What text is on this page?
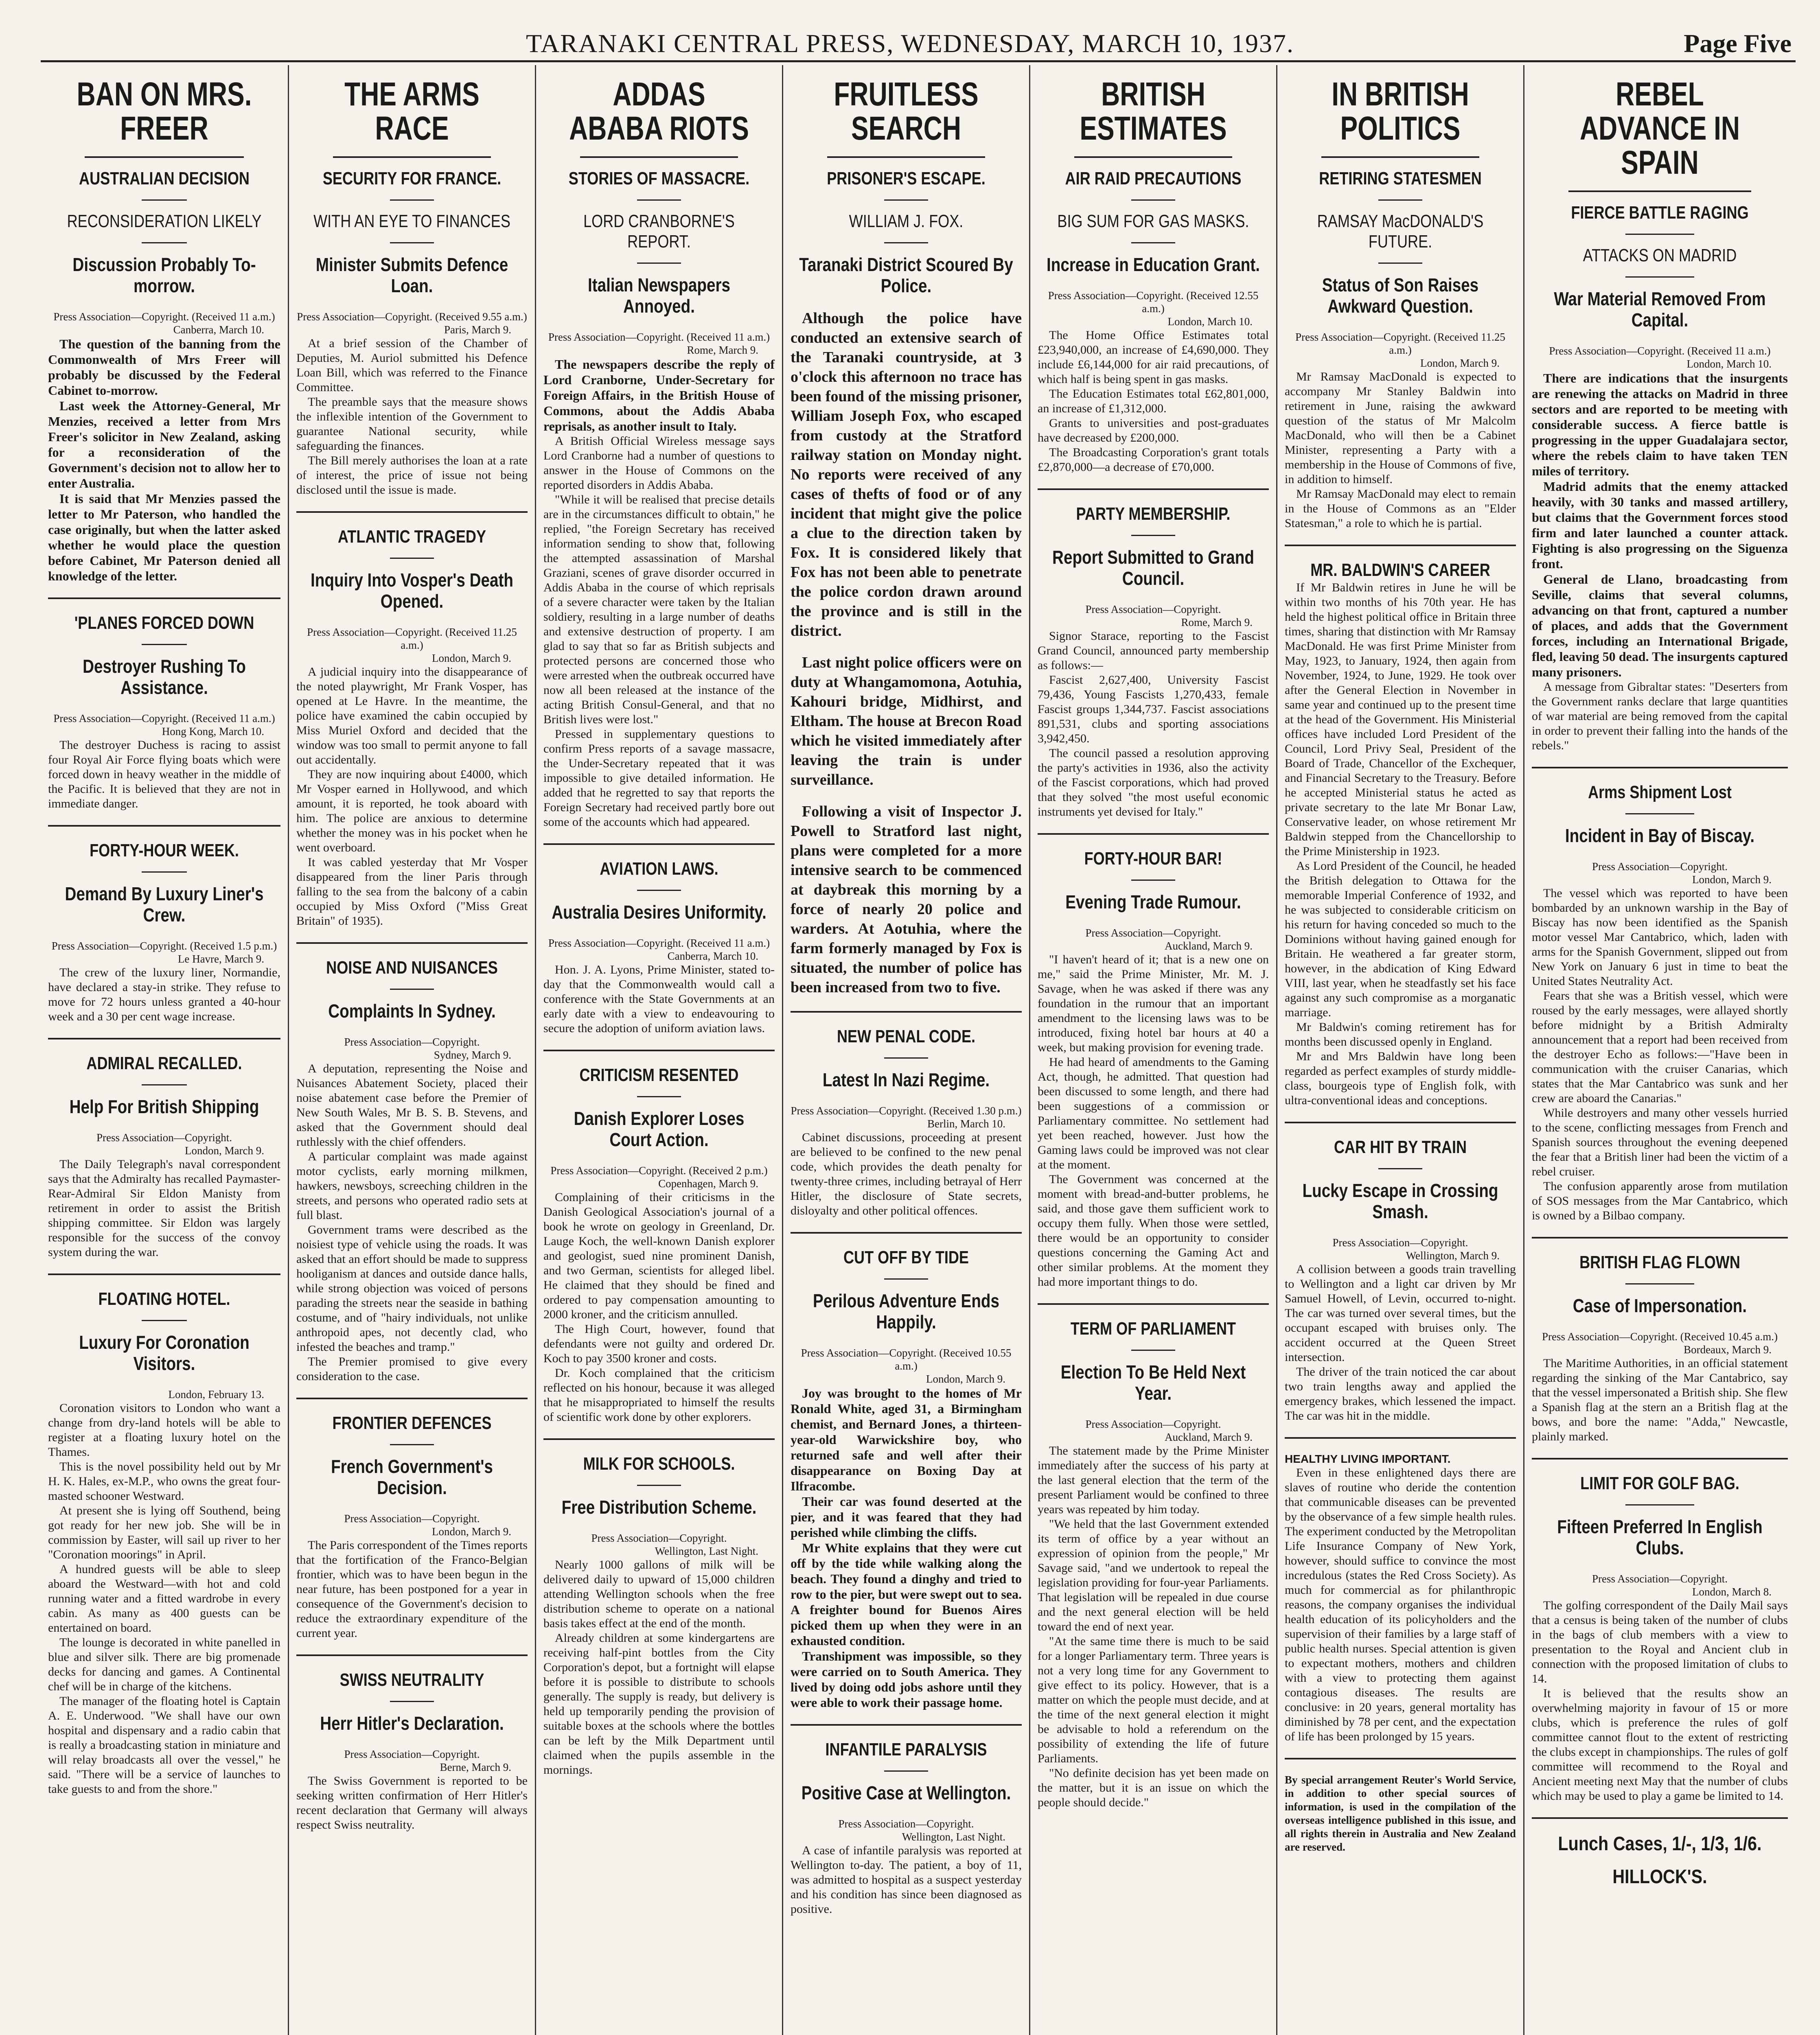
TARANAKI CENTRAL PRESS, WEDNESDAY, MARCH 10, 1937.	Page Five
BAN ON MRS. FREER
AUSTRALIAN DECISION
RECONSIDERATION LIKELY
Discussion Probably To-morrow.
Press Association—Copyright. (Received 11 a.m.)
Canberra, March 10.

The question of the banning from the Commonwealth of Mrs Freer will probably be discussed by the Federal Cabinet to-morrow.

Last week the Attorney-General, Mr Menzies, received a letter from Mrs Freer's solicitor in New Zealand, asking for a reconsideration of the Government's decision not to allow her to enter Australia.

It is said that Mr Menzies passed the letter to Mr Paterson, who handled the case originally, but when the latter asked whether he would place the question before Cabinet, Mr Paterson denied all knowledge of the letter.

'PLANES FORCED DOWN
Destroyer Rushing To Assistance.
Press Association—Copyright. (Received 11 a.m.)
Hong Kong, March 10.

The destroyer Duchess is racing to assist four Royal Air Force flying boats which were forced down in heavy weather in the middle of the Pacific. It is believed that they are not in immediate danger.

FORTY-HOUR WEEK.
Demand By Luxury Liner's Crew.
Press Association—Copyright. (Received 1.5 p.m.)
Le Havre, March 9.

The crew of the luxury liner, Normandie, have declared a stay-in strike. They refuse to move for 72 hours unless granted a 40-hour week and a 30 per cent wage increase.

ADMIRAL RECALLED.
Help For British Shipping
Press Association—Copyright.
London, March 9.

The Daily Telegraph's naval correspondent says that the Admiralty has recalled Paymaster-Rear-Admiral Sir Eldon Manisty from retirement in order to assist the British shipping committee. Sir Eldon was largely responsible for the success of the convoy system during the war.

FLOATING HOTEL.
Luxury For Coronation Visitors.
London, February 13.

Coronation visitors to London who want a change from dry-land hotels will be able to register at a floating luxury hotel on the Thames.

This is the novel possibility held out by Mr H. K. Hales, ex-M.P., who owns the great four-masted schooner Westward.

At present she is lying off Southend, being got ready for her new job. She will be in commission by Easter, will sail up river to her "Coronation moorings" in April.

A hundred guests will be able to sleep aboard the Westward—with hot and cold running water and a fitted wardrobe in every cabin. As many as 400 guests can be entertained on board.

The lounge is decorated in white panelled in blue and silver silk. There are big promenade decks for dancing and games. A Continental chef will be in charge of the kitchens.

The manager of the floating hotel is Captain A. E. Underwood. "We shall have our own hospital and dispensary and a radio cabin that is really a broadcasting station in miniature and will relay broadcasts all over the vessel," he said. "There will be a service of launches to take guests to and from the shore."

THE ARMS RACE
SECURITY FOR FRANCE.
WITH AN EYE TO FINANCES
Minister Submits Defence Loan.
Press Association—Copyright. (Received 9.55 a.m.)
Paris, March 9.

At a brief session of the Chamber of Deputies, M. Auriol submitted his Defence Loan Bill, which was referred to the Finance Committee.

The preamble says that the measure shows the inflexible intention of the Government to guarantee National security, while safeguarding the finances.

The Bill merely authorises the loan at a rate of interest, the price of issue not being disclosed until the issue is made.

ATLANTIC TRAGEDY
Inquiry Into Vosper's Death Opened.
Press Association—Copyright. (Received 11.25 a.m.)
London, March 9.

A judicial inquiry into the disappearance of the noted playwright, Mr Frank Vosper, has opened at Le Havre. In the meantime, the police have examined the cabin occupied by Miss Muriel Oxford and decided that the window was too small to permit anyone to fall out accidentally.

They are now inquiring about £4000, which Mr Vosper earned in Hollywood, and which amount, it is reported, he took aboard with him. The police are anxious to determine whether the money was in his pocket when he went overboard.

It was cabled yesterday that Mr Vosper disappeared from the liner Paris through falling to the sea from the balcony of a cabin occupied by Miss Oxford ("Miss Great Britain" of 1935).

NOISE AND NUISANCES
Complaints In Sydney.
Press Association—Copyright.
Sydney, March 9.

A deputation, representing the Noise and Nuisances Abatement Society, placed their noise abatement case before the Premier of New South Wales, Mr B. S. B. Stevens, and asked that the Government should deal ruthlessly with the chief offenders.

A particular complaint was made against motor cyclists, early morning milkmen, hawkers, newsboys, screeching children in the streets, and persons who operated radio sets at full blast.

Government trams were described as the noisiest type of vehicle using the roads. It was asked that an effort should be made to suppress hooliganism at dances and outside dance halls, while strong objection was voiced of persons parading the streets near the seaside in bathing costume, and of "hairy individuals, not unlike anthropoid apes, not decently clad, who infested the beaches and tramp."

The Premier promised to give every consideration to the case.

FRONTIER DEFENCES
French Government's Decision.
Press Association—Copyright.
London, March 9.

The Paris correspondent of the Times reports that the fortification of the Franco-Belgian frontier, which was to have been begun in the near future, has been postponed for a year in consequence of the Government's decision to reduce the extraordinary expenditure of the current year.

SWISS NEUTRALITY
Herr Hitler's Declaration.
Press Association—Copyright.
Berne, March 9.

The Swiss Government is reported to be seeking written confirmation of Herr Hitler's recent declaration that Germany will always respect Swiss neutrality.

ADDAS ABABA RIOTS
STORIES OF MASSACRE.
LORD CRANBORNE'S REPORT.
Italian Newspapers Annoyed.
Press Association—Copyright. (Received 11 a.m.)
Rome, March 9.

The newspapers describe the reply of Lord Cranborne, Under-Secretary for Foreign Affairs, in the British House of Commons, about the Addis Ababa reprisals, as another insult to Italy.

A British Official Wireless message says Lord Cranborne had a number of questions to answer in the House of Commons on the reported disorders in Addis Ababa.

"While it will be realised that precise details are in the circumstances difficult to obtain," he replied, "the Foreign Secretary has received information sending to show that, following the attempted assassination of Marshal Graziani, scenes of grave disorder occurred in Addis Ababa in the course of which reprisals of a severe character were taken by the Italian soldiery, resulting in a large number of deaths and extensive destruction of property. I am glad to say that so far as British subjects and protected persons are concerned those who were arrested when the outbreak occurred have now all been released at the instance of the acting British Consul-General, and that no British lives were lost."

Pressed in supplementary questions to confirm Press reports of a savage massacre, the Under-Secretary repeated that it was impossible to give detailed information. He added that he regretted to say that reports the Foreign Secretary had received partly bore out some of the accounts which had appeared.

AVIATION LAWS.
Australia Desires Uniformity.
Press Association—Copyright. (Received 11 a.m.)
Canberra, March 10.

Hon. J. A. Lyons, Prime Minister, stated to-day that the Commonwealth would call a conference with the State Governments at an early date with a view to endeavouring to secure the adoption of uniform aviation laws.

CRITICISM RESENTED
Danish Explorer Loses Court Action.
Press Association—Copyright. (Received 2 p.m.)
Copenhagen, March 9.

Complaining of their criticisms in the Danish Geological Association's journal of a book he wrote on geology in Greenland, Dr. Lauge Koch, the well-known Danish explorer and geologist, sued nine prominent Danish, and two German, scientists for alleged libel. He claimed that they should be fined and ordered to pay compensation amounting to 2000 kroner, and the criticism annulled.

The High Court, however, found that defendants were not guilty and ordered Dr. Koch to pay 3500 kroner and costs.

Dr. Koch complained that the criticism reflected on his honour, because it was alleged that he misappropriated to himself the results of scientific work done by other explorers.

MILK FOR SCHOOLS.
Free Distribution Scheme.
Press Association—Copyright.
Wellington, Last Night.

Nearly 1000 gallons of milk will be delivered daily to upward of 15,000 children attending Wellington schools when the free distribution scheme to operate on a national basis takes effect at the end of the month.

Already children at some kindergartens are receiving half-pint bottles from the City Corporation's depot, but a fortnight will elapse before it is possible to distribute to schools generally. The supply is ready, but delivery is held up temporarily pending the provision of suitable boxes at the schools where the bottles can be left by the Milk Department until claimed when the pupils assemble in the mornings.

FRUITLESS SEARCH
PRISONER'S ESCAPE.
WILLIAM J. FOX.
Taranaki District Scoured By Police.

Although the police have conducted an extensive search of the Taranaki countryside, at 3 o'clock this afternoon no trace has been found of the missing prisoner, William Joseph Fox, who escaped from custody at the Stratford railway station on Monday night. No reports were received of any cases of thefts of food or of any incident that might give the police a clue to the direction taken by Fox. It is considered likely that Fox has not been able to penetrate the police cordon drawn around the province and is still in the district.

Last night police officers were on duty at Whangamomona, Aotuhia, Kahouri bridge, Midhirst, and Eltham. The house at Brecon Road which he visited immediately after leaving the train is under surveillance.

Following a visit of Inspector J. Powell to Stratford last night, plans were completed for a more intensive search to be commenced at daybreak this morning by a force of nearly 20 police and warders. At Aotuhia, where the farm formerly managed by Fox is situated, the number of police has been increased from two to five.

NEW PENAL CODE.
Latest In Nazi Regime.
Press Association—Copyright. (Received 1.30 p.m.)
Berlin, March 10.

Cabinet discussions, proceeding at present are believed to be confined to the new penal code, which provides the death penalty for twenty-three crimes, including betrayal of Herr Hitler, the disclosure of State secrets, disloyalty and other political offences.

CUT OFF BY TIDE
Perilous Adventure Ends Happily.
Press Association—Copyright. (Received 10.55 a.m.)
London, March 9.

Joy was brought to the homes of Mr Ronald White, aged 31, a Birmingham chemist, and Bernard Jones, a thirteen-year-old Warwickshire boy, who returned safe and well after their disappearance on Boxing Day at Ilfracombe.

Their car was found deserted at the pier, and it was feared that they had perished while climbing the cliffs.

Mr White explains that they were cut off by the tide while walking along the beach. They found a dinghy and tried to row to the pier, but were swept out to sea. A freighter bound for Buenos Aires picked them up when they were in an exhausted condition.

Transhipment was impossible, so they were carried on to South America. They lived by doing odd jobs ashore until they were able to work their passage home.

INFANTILE PARALYSIS
Positive Case at Wellington.
Press Association—Copyright.
Wellington, Last Night.

A case of infantile paralysis was reported at Wellington to-day. The patient, a boy of 11, was admitted to hospital as a suspect yesterday and his condition has since been diagnosed as positive.

BRITISH ESTIMATES
AIR RAID PRECAUTIONS
BIG SUM FOR GAS MASKS.
Increase in Education Grant.
Press Association—Copyright. (Received 12.55 a.m.)
London, March 10.

The Home Office Estimates total £23,940,000, an increase of £4,690,000. They include £6,144,000 for air raid precautions, of which half is being spent in gas masks.

The Education Estimates total £62,801,000, an increase of £1,312,000.

Grants to universities and post-graduates have decreased by £200,000.

The Broadcasting Corporation's grant totals £2,870,000—a decrease of £70,000.

PARTY MEMBERSHIP.
Report Submitted to Grand Council.
Press Association—Copyright.
Rome, March 9.

Signor Starace, reporting to the Fascist Grand Council, announced party membership as follows:—

Fascist 2,627,400, University Fascist 79,436, Young Fascists 1,270,433, female Fascist groups 1,344,737. Fascist associations 891,531, clubs and sporting associations 3,942,450.

The council passed a resolution approving the party's activities in 1936, also the activity of the Fascist corporations, which had proved that they solved "the most useful economic instruments yet devised for Italy."

FORTY-HOUR BAR!
Evening Trade Rumour.
Press Association—Copyright.
Auckland, March 9.

"I haven't heard of it; that is a new one on me," said the Prime Minister, Mr. M. J. Savage, when he was asked if there was any foundation in the rumour that an important amendment to the licensing laws was to be introduced, fixing hotel bar hours at 40 a week, but making provision for evening trade.

He had heard of amendments to the Gaming Act, though, he admitted. That question had been discussed to some length, and there had been suggestions of a commission or Parliamentary committee. No settlement had yet been reached, however. Just how the Gaming laws could be improved was not clear at the moment.

The Government was concerned at the moment with bread-and-butter problems, he said, and those gave them sufficient work to occupy them fully. When those were settled, there would be an opportunity to consider questions concerning the Gaming Act and other similar problems. At the moment they had more important things to do.

TERM OF PARLIAMENT
Election To Be Held Next Year.
Press Association—Copyright.
Auckland, March 9.

The statement made by the Prime Minister immediately after the success of his party at the last general election that the term of the present Parliament would be confined to three years was repeated by him today.

"We held that the last Government extended its term of office by a year without an expression of opinion from the people," Mr Savage said, "and we undertook to repeal the legislation providing for four-year Parliaments. That legislation will be repealed in due course and the next general election will be held toward the end of next year.

"At the same time there is much to be said for a longer Parliamentary term. Three years is not a very long time for any Government to give effect to its policy. However, that is a matter on which the people must decide, and at the time of the next general election it might be advisable to hold a referendum on the possibility of extending the life of future Parliaments.

"No definite decision has yet been made on the matter, but it is an issue on which the people should decide."

IN BRITISH POLITICS
RETIRING STATESMEN
RAMSAY MacDONALD'S FUTURE.
Status of Son Raises Awkward Question.
Press Association—Copyright. (Received 11.25 a.m.)
London, March 9.

Mr Ramsay MacDonald is expected to accompany Mr Stanley Baldwin into retirement in June, raising the awkward question of the status of Mr Malcolm MacDonald, who will then be a Cabinet Minister, representing a Party with a membership in the House of Commons of five, in addition to himself.

Mr Ramsay MacDonald may elect to remain in the House of Commons as an "Elder Statesman," a role to which he is partial.

MR. BALDWIN'S CAREER

If Mr Baldwin retires in June he will be within two months of his 70th year. He has held the highest political office in Britain three times, sharing that distinction with Mr Ramsay MacDonald. He was first Prime Minister from May, 1923, to January, 1924, then again from November, 1924, to June, 1929. He took over after the General Election in November in same year and continued up to the present time at the head of the Government. His Ministerial offices have included Lord President of the Council, Lord Privy Seal, President of the Board of Trade, Chancellor of the Exchequer, and Financial Secretary to the Treasury. Before he accepted Ministerial status he acted as private secretary to the late Mr Bonar Law, Conservative leader, on whose retirement Mr Baldwin stepped from the Chancellorship to the Prime Ministership in 1923.

As Lord President of the Council, he headed the British delegation to Ottawa for the memorable Imperial Conference of 1932, and he was subjected to considerable criticism on his return for having conceded so much to the Dominions without having gained enough for Britain. He weathered a far greater storm, however, in the abdication of King Edward VIII, last year, when he steadfastly set his face against any such compromise as a morganatic marriage.

Mr Baldwin's coming retirement has for months been discussed openly in England.

Mr and Mrs Baldwin have long been regarded as perfect examples of sturdy middle-class, bourgeois type of English folk, with ultra-conventional ideas and conceptions.

CAR HIT BY TRAIN
Lucky Escape in Crossing Smash.
Press Association—Copyright.
Wellington, March 9.

A collision between a goods train travelling to Wellington and a light car driven by Mr Samuel Howell, of Levin, occurred to-night. The car was turned over several times, but the occupant escaped with bruises only. The accident occurred at the Queen Street intersection.

The driver of the train noticed the car about two train lengths away and applied the emergency brakes, which lessened the impact. The car was hit in the middle.

HEALTHY LIVING IMPORTANT.

Even in these enlightened days there are slaves of routine who deride the contention that communicable diseases can be prevented by the observance of a few simple health rules. The experiment conducted by the Metropolitan Life Insurance Company of New York, however, should suffice to convince the most incredulous (states the Red Cross Society). As much for commercial as for philanthropic reasons, the company organises the individual health education of its policyholders and the supervision of their families by a large staff of public health nurses. Special attention is given to expectant mothers, mothers and children with a view to protecting them against contagious diseases. The results are conclusive: in 20 years, general mortality has diminished by 78 per cent, and the expectation of life has been prolonged by 15 years.

By special arrangement Reuter's World Service, in addition to other special sources of information, is used in the compilation of the overseas intelligence published in this issue, and all rights therein in Australia and New Zealand are reserved.
REBEL ADVANCE IN SPAIN
FIERCE BATTLE RAGING
ATTACKS ON MADRID
War Material Removed From Capital.
Press Association—Copyright. (Received 11 a.m.)
London, March 10.

There are indications that the insurgents are renewing the attacks on Madrid in three sectors and are reported to be meeting with considerable success. A fierce battle is progressing in the upper Guadalajara sector, where the rebels claim to have taken TEN miles of territory.

Madrid admits that the enemy attacked heavily, with 30 tanks and massed artillery, but claims that the Government forces stood firm and later launched a counter attack. Fighting is also progressing on the Siguenza front.

General de Llano, broadcasting from Seville, claims that several columns, advancing on that front, captured a number of places, and adds that the Government forces, including an International Brigade, fled, leaving 50 dead. The insurgents captured many prisoners.

A message from Gibraltar states: "Deserters from the Government ranks declare that large quantities of war material are being removed from the capital in order to prevent their falling into the hands of the rebels."

Arms Shipment Lost
Incident in Bay of Biscay.
Press Association—Copyright.
London, March 9.

The vessel which was reported to have been bombarded by an unknown warship in the Bay of Biscay has now been identified as the Spanish motor vessel Mar Cantabrico, which, laden with arms for the Spanish Government, slipped out from New York on January 6 just in time to beat the United States Neutrality Act.

Fears that she was a British vessel, which were roused by the early messages, were allayed shortly before midnight by a British Admiralty announcement that a report had been received from the destroyer Echo as follows:—"Have been in communication with the cruiser Canarias, which states that the Mar Cantabrico was sunk and her crew are aboard the Canarias."

While destroyers and many other vessels hurried to the scene, conflicting messages from French and Spanish sources throughout the evening deepened the fear that a British liner had been the victim of a rebel cruiser.

The confusion apparently arose from mutilation of SOS messages from the Mar Cantabrico, which is owned by a Bilbao company.

BRITISH FLAG FLOWN
Case of Impersonation.
Press Association—Copyright. (Received 10.45 a.m.)
Bordeaux, March 9.

The Maritime Authorities, in an official statement regarding the sinking of the Mar Cantabrico, say that the vessel impersonated a British ship. She flew a Spanish flag at the stern an a British flag at the bows, and bore the name: "Adda," Newcastle, plainly marked.

LIMIT FOR GOLF BAG.
Fifteen Preferred In English Clubs.
Press Association—Copyright.
London, March 8.

The golfing correspondent of the Daily Mail says that a census is being taken of the number of clubs in the bags of club members with a view to presentation to the Royal and Ancient club in connection with the proposed limitation of clubs to 14.

It is believed that the results show an overwhelming majority in favour of 15 or more clubs, which is preference the rules of golf committee cannot flout to the extent of restricting the clubs except in championships. The rules of golf committee will recommend to the Royal and Ancient meeting next May that the number of clubs which may be used to play a game be limited to 14.

Lunch Cases, 1/-, 1/3, 1/6.
HILLOCK'S.
